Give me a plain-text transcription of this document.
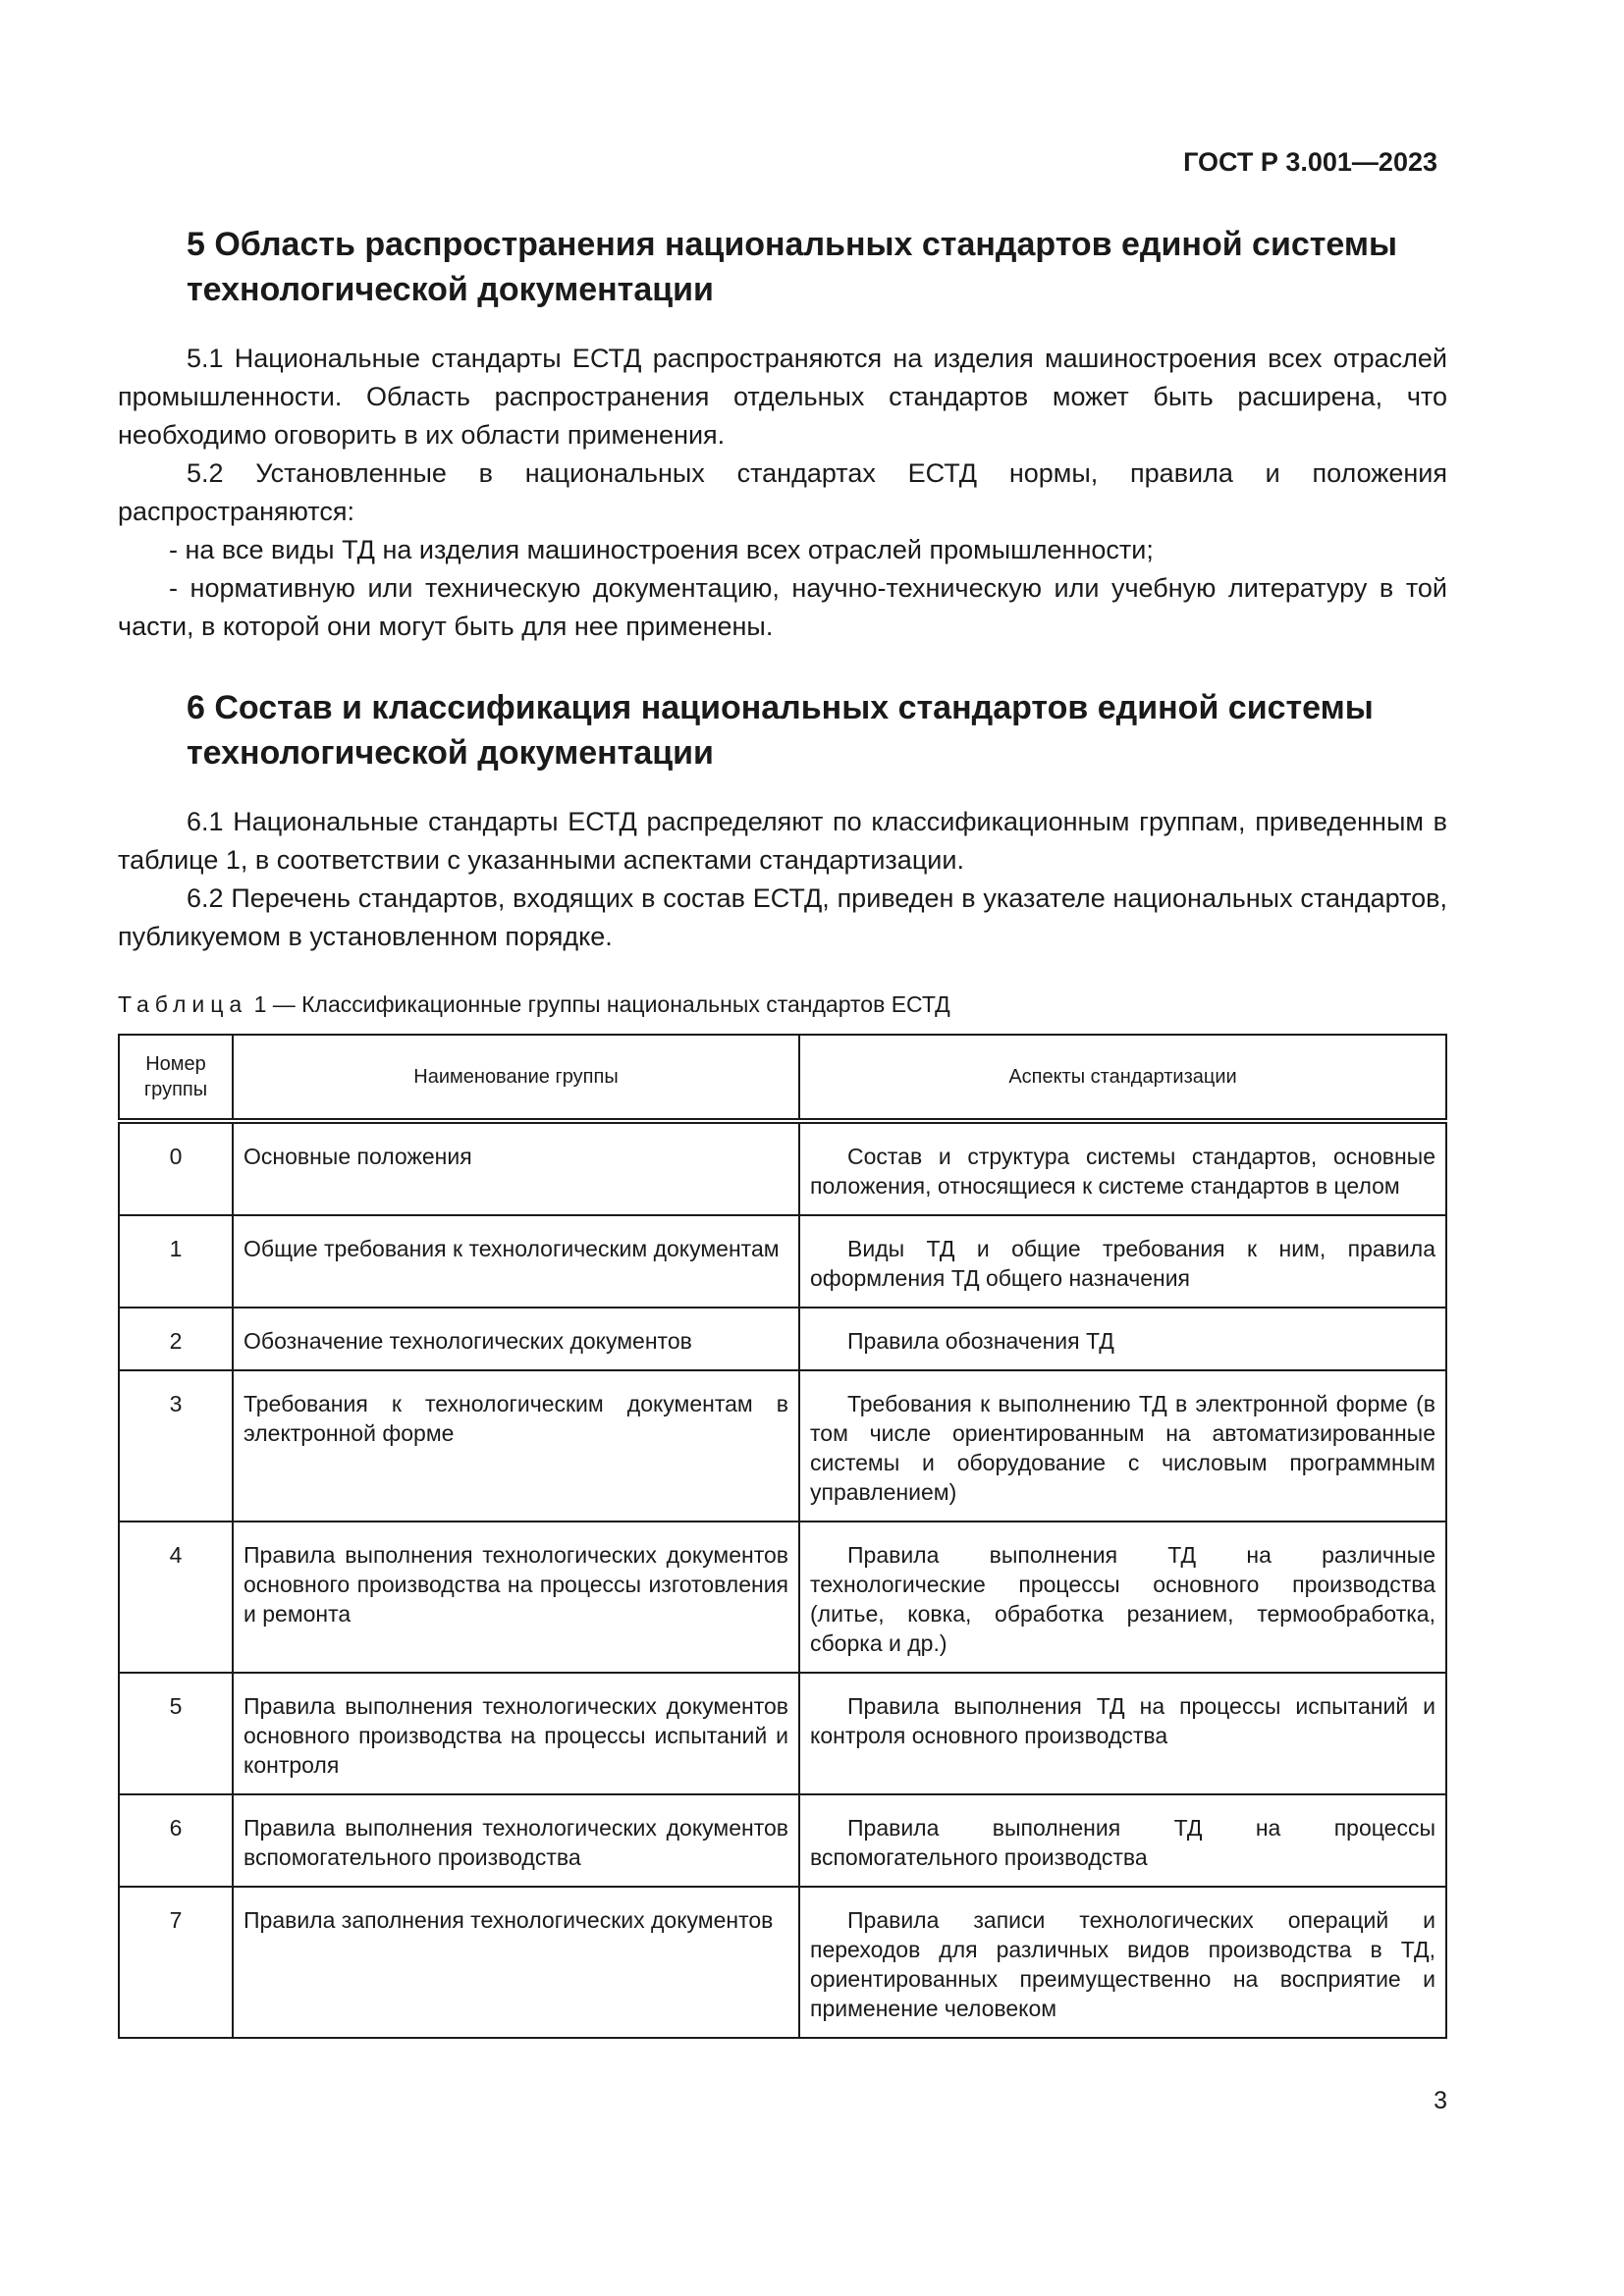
ГОСТ Р 3.001—2023
5 Область распространения национальных стандартов единой системы
технологической документации

5.1 Национальные стандарты ЕСТД распространяются на изделия машиностроения всех отраслей промышленности. Область распространения отдельных стандартов может быть расширена, что необходимо оговорить в их области применения.

5.2 Установленные в национальных стандартах ЕСТД нормы, правила и положения распространяются:

- на все виды ТД на изделия машиностроения всех отраслей промышленности;

- нормативную или техническую документацию, научно-техническую или учебную литературу в той части, в которой они могут быть для нее применены.

6 Состав и классификация национальных стандартов единой системы
технологической документации

6.1 Национальные стандарты ЕСТД распределяют по классификационным группам, приведенным в таблице 1, в соответствии с указанными аспектами стандартизации.

6.2 Перечень стандартов, входящих в состав ЕСТД, приведен в указателе национальных стандартов, публикуемом в установленном порядке.

Таблица 1 — Классификационные группы национальных стандартов ЕСТД
Номер группы	Наименование группы	Аспекты стандартизации
0	Основные положения	Состав и структура системы стандартов, основные положения, относящиеся к системе стандартов в целом
1	Общие требования к технологическим документам	Виды ТД и общие требования к ним, правила оформления ТД общего назначения
2	Обозначение технологических документов	Правила обозначения ТД
3	Требования к технологическим документам в электронной форме	Требования к выполнению ТД в электронной форме (в том числе ориентированным на автоматизированные системы и оборудование с числовым программным управлением)
4	Правила выполнения технологических документов основного производства на процессы изготовления и ремонта	Правила выполнения ТД на различные технологические процессы основного производства (литье, ковка, обработка резанием, термообработка, сборка и др.)
5	Правила выполнения технологических документов основного производства на процессы испытаний и контроля	Правила выполнения ТД на процессы испытаний и контроля основного производства
6	Правила выполнения технологических документов вспомогательного производства	Правила выполнения ТД на процессы вспомогательного производства
7	Правила заполнения технологических документов	Правила записи технологических операций и переходов для различных видов производства в ТД, ориентированных преимущественно на восприятие и применение человеком
3
